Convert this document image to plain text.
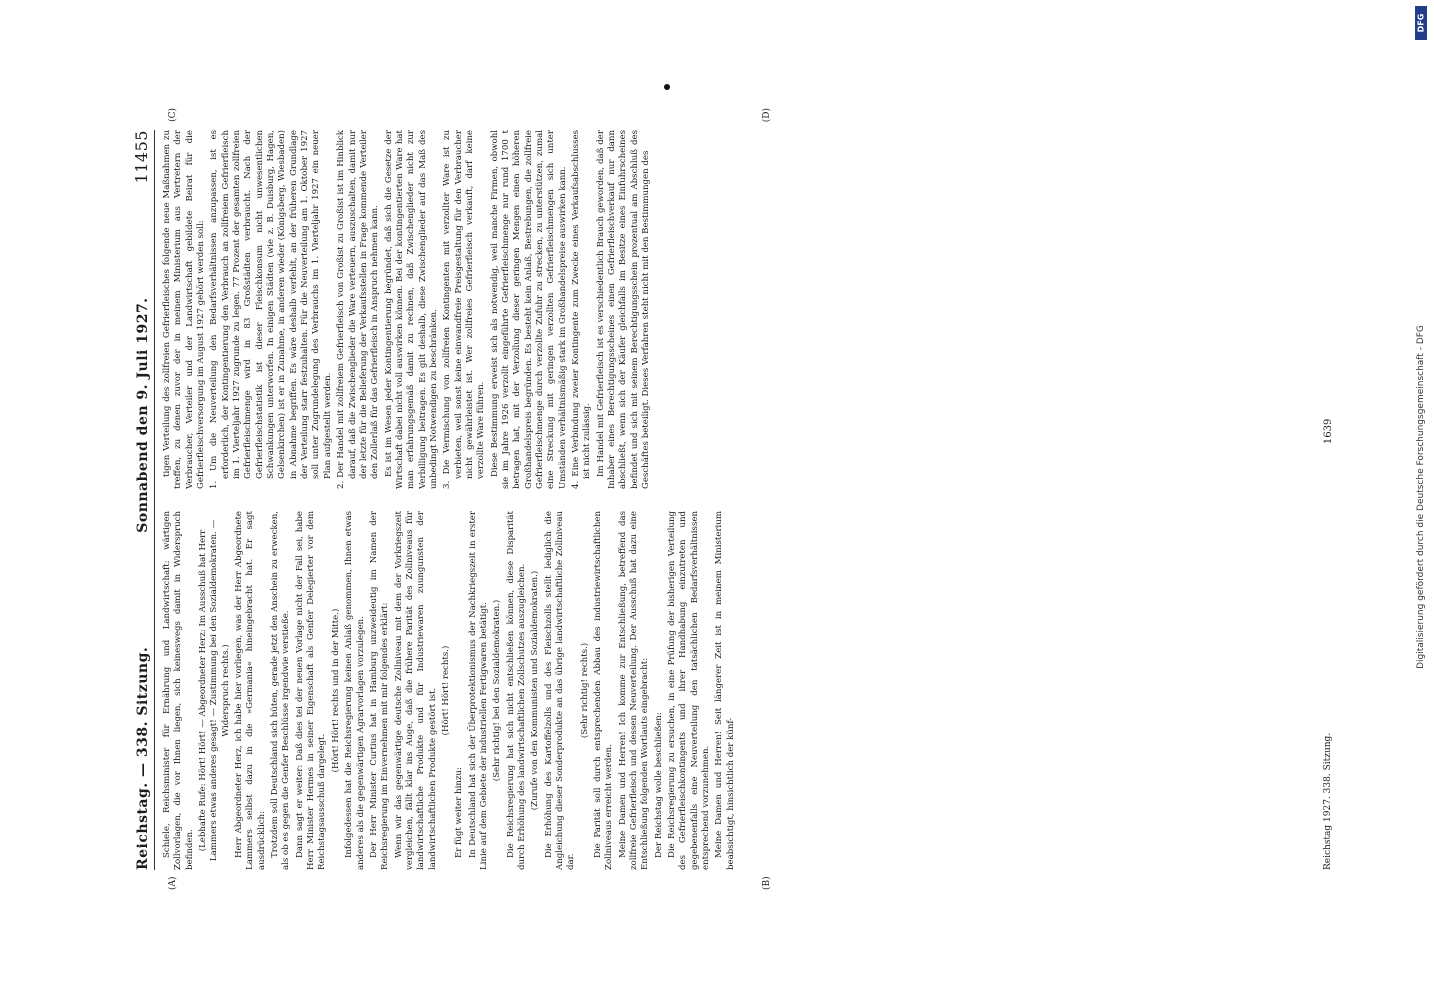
Reichstag. — 338. Sitzung.
Sonnabend den 9. Juli 1927.
11455
(A)	(B)
(C)	(D)

Schiele, Reichsminister für Ernährung und Landwirtschaft: wärtigen Zollvorlagen, die vor Ihnen liegen, sich keineswegs damit in Widerspruch befinden. (Lebhafte Rufe: Hört! Hört! — Abgeordneter Herz: Im Ausschuß hat Herr Lammers etwas anderes gesagt! — Zustimmung bei den Sozialdemokraten. — Widerspruch rechts.) Herr Abgeordneter Herz, ich habe hier vorliegen, was der Herr Abgeordnete Lammers selbst dazu in die »Germania« hineingebracht hat. Er sagt ausdrücklich: Trotzdem soll Deutschland sich hüten, gerade jetzt den Anschein zu erwecken, als ob es gegen die Genfer Beschlüsse irgendwie verstieße. Dann sagt er weiter: Daß dies tei der neuen Vorlage nicht der Fall sei, habe Herr Minister Hermes in seiner Eigenschaft als Genfer Delegierter vor dem Reichstagsausschuß dargelegt.

(Hört! Hört! rechts und in der Mitte.) Infolgedessen hat die Reichsregierung keinen Anlaß genommen, Ihnen etwas anderes als die gegenwärtigen Agrarvorlagen vorzulegen. Der Herr Minister Curtius hat in Hamburg unzweideutig im Namen der Reichsregierung im Einvernehmen mit mir folgendes erklärt: Wenn wir das gegenwärtige deutsche Zollniveau mit dem der Vorkriegszeit vergleichen, fällt klar ins Auge, daß die frühere Parität des Zollniveaus für landwirtschaftliche Produkte und für Industriewaren zuungunsten der landwirtschaftlichen Produkte gestört ist. (Hört! Hört! rechts.)

Er fügt weiter hinzu: In Deutschland hat sich der Überprotektionismus der Nachkriegszeit in erster Linie auf dem Gebiete der industriellen Fertigwaren betätigt. (Sehr richtig! bei den Sozialdemokraten.) Die Reichsregierung hat sich nicht entschließen können, diese Disparität durch Erhöhung des landwirtschaftlichen Zollschutzes auszugleichen. (Zurufe von den Kommunisten und Sozialdemokraten.) Die Erhöhung des Kartoffelzolls und des Fleischzolls stellt lediglich die Angleichung dieser Sonderprodukte an das übrige landwirtschaftliche Zollniveau dar.

(Sehr richtig! rechts.) Die Parität soll durch entsprechenden Abbau des industriewirtschaftlichen Zollniveaus erreicht werden. Meine Damen und Herren! Ich komme zur Entschließung, betreffend das zollfreie Gefrierfleisch und dessen Neuverteilung. Der Ausschuß hat dazu eine Entschließung folgenden Wortlauts eingebracht: Der Reichstag wolle beschließen: Die Reichsregierung zu ersuchen, in eine Prüfung der bisherigen Verteilung des Gefrierfleischkontingents und ihrer Handhabung einzutreten und gegebenenfalls eine Neuverteilung den tatsächlichen Bedarfsverhältnissen entsprechend vorzunehmen. Meine Damen und Herren! Seit längerer Zeit ist in meinem Ministerium beabsichtigt, hinsichtlich der künf-

tigen Verteilung des zollfreien Gefrierfleisches folgende neue Maßnahmen zu treffen, zu denen zuvor der in meinem Ministerium aus Vertretern der Verbraucher, Verteiler und der Landwirtschaft gebildete Beirat für die Gefrierfleischversorgung im August 1927 gehört werden soll: 1. Um die Neuverteilung den Bedarfsverhältnissen anzupassen, ist es erforderlich, der Kontingentierung den Verbrauch an zollfreiem Gefrierfleisch im 1. Vierteljahr 1927 zugrunde zu legen. 77 Prozent der gesamten zollfreien Gefrierfleischmenge wird in 83 Großstädten verbraucht. Nach der Gefrierfleischstatistik ist dieser Fleischkonsum nicht unwesentlichen Schwankungen unterworfen. In einigen Städten (wie z. B. Duisburg, Hagen, Gelsenkirchen) ist er in Zunahme, in anderen wieder (Königsberg, Wiesbaden) in Abnahme begriffen. Es wäre deshalb verfehlt, an der früheren Grundlage der Verteilung starr festzuhalten. Für die Neuverteilung am 1. Oktober 1927 soll unter Zugrundelegung des Verbrauchs im 1. Vierteljahr 1927 ein neuer Plan aufgestellt werden. 2. Der Handel mit zollfreiem Gefrierfleisch von Großist zu Großist ist im Hinblick darauf, daß die Zwischenglieder die Ware verteuern, auszuschalten, damit nur der letzte für die Belieferung der Verkaufsstellen in Frage kommende Verteiler den Zollerlaß für das Gefrierfleisch in Anspruch nehmen kann. Es ist im Wesen jeder Kontingentierung begründet, daß sich die Gesetze der Wirtschaft dabei nicht voll auswirken können. Bei der kontingentierten Ware hat man erfahrungsgemäß damit zu rechnen, daß Zwischenglieder nicht zur Verbilligung beitragen. Es gilt deshalb, diese Zwischenglieder auf das Maß des unbedingt Notwendigen zu beschränken. 3. Die Vermischung von zollfreien Kontingenten mit verzollter Ware ist zu verbieten, weil sonst keine einwandfreie Preisgestaltung für den Verbraucher nicht gewährleistet ist. Wer zollfreies Gefrierfleisch verkauft, darf keine verzollte Ware führen. Diese Bestimmung erweist sich als notwendig, weil manche Firmen, obwohl sie im Jahre 1926 verzollt eingeführte Gefrierfleischmenge nur rund 1700 t betragen hat, mit der Verzollung dieser geringen Mengen einen höheren Großhandelspreis begründen. Es besteht kein Anlaß, Bestrebungen, die zollfreie Gefrierfleischmenge durch verzollte Zufuhr zu strecken, zu unterstützen, zumal eine Streckung mit geringen verzollten Gefrierfleischmengen sich unter Umständen verhältnismäßig stark im Großhandelspreise auswirken kann. 4. Eine Verbindung zweier Kontingente zum Zwecke eines Verkaufsabschlusses ist nicht zulässig. Im Handel mit Gefrierfleisch ist es verschiedentlich Brauch geworden, daß der Inhaber eines Berechtigungsscheines einen Gefrierfleischverkauf nur dann abschließt, wenn sich der Käufer gleichfalls im Besitze eines Einfuhrscheines befindet und sich mit seinem Berechtigungsschein prozentual am Abschluß des Geschäftes beteiligt. Dieses Verfahren steht nicht mit den Bestimmungen des

Reichstag 1927. 338. Sitzung.
1639
DFG
Digitalisierung gefördert durch die Deutsche Forschungsgemeinschaft - DFG
